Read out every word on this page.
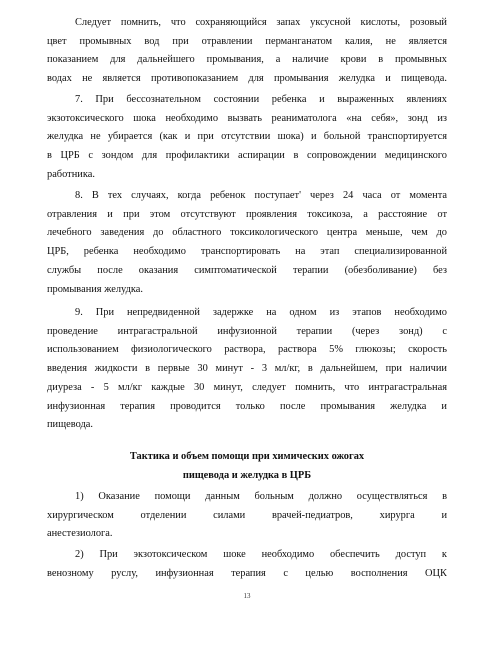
Следует помнить, что сохраняющийся запах уксусной кислоты, розовый
цвет промывных вод при отравлении перманганатом калия, не является
показанием для дальнейшего промывания, а наличие крови в промывных
водах не является противопоказанием для промывания желудка и пищевода.
7. При бессознательном состоянии ребенка и выраженных явлениях
экзотоксического шока необходимо вызвать реаниматолога «на себя», зонд из
желудка не убирается (как и при отсутствии шока) и больной транспортируется
в ЦРБ с зондом для профилактики аспирации в сопровождении медицинского
работника.
8. В тех случаях, когда ребенок поступает' через 24 часа от момента
отравления и при этом отсутствуют проявления токсикоза, а расстояние от
лечебного заведения до областного токсикологического центра меньше, чем до
ЦРБ, ребенка необходимо транспортировать на этап специализированной
службы после оказания симптоматической терапии (обезболивание) без
промывания желудка.
9. При непредвиденной задержке на одном из этапов необходимо
проведение интрагастральной инфузионной терапии (через зонд) с
использованием физиологического раствора, раствора 5% глюкозы; скорость
введения жидкости в первые 30 минут - 3 мл/кг, в дальнейшем, при наличии
диуреза - 5 мл/кг каждые 30 минут, следует помнить, что интрагастральная
инфузионная терапия проводится только после промывания желудка и
пищевода.
Тактика и объем помощи при химических ожогах
пищевода и желудка в ЦРБ
1) Оказание помощи данным больным должно осуществляться в
хирургическом отделении силами врачей-педиатров, хирурга и
анестезиолога.
2) При экзотоксическом шоке необходимо обеспечить доступ к
венозному руслу, инфузионная терапия с целью восполнения ОЦК
13
